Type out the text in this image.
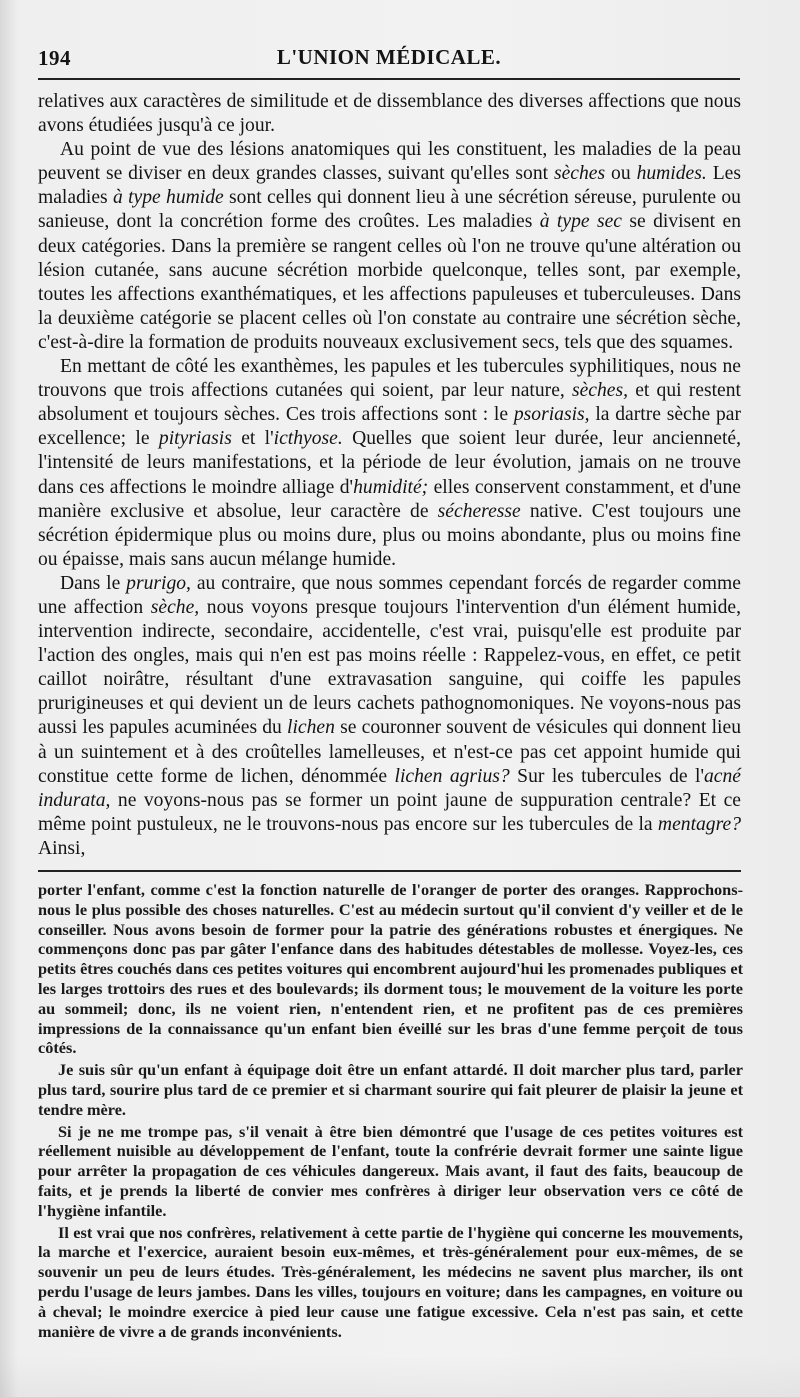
194	L'UNION MÉDICALE.

relatives aux caractères de similitude et de dissemblance des diverses affections que nous avons étudiées jusqu'à ce jour.

Au point de vue des lésions anatomiques qui les constituent, les maladies de la peau peuvent se diviser en deux grandes classes, suivant qu'elles sont sèches ou humides. Les maladies à type humide sont celles qui donnent lieu à une sécrétion séreuse, purulente ou sanieuse, dont la concrétion forme des croûtes. Les maladies à type sec se divisent en deux catégories. Dans la première se rangent celles où l'on ne trouve qu'une altération ou lésion cutanée, sans aucune sécrétion morbide quelconque, telles sont, par exemple, toutes les affections exanthématiques, et les affections papuleuses et tuberculeuses. Dans la deuxième catégorie se placent celles où l'on constate au contraire une sécrétion sèche, c'est-à-dire la formation de produits nouveaux exclusivement secs, tels que des squames.

En mettant de côté les exanthèmes, les papules et les tubercules syphilitiques, nous ne trouvons que trois affections cutanées qui soient, par leur nature, sèches, et qui restent absolument et toujours sèches. Ces trois affections sont : le psoriasis, la dartre sèche par excellence; le pityriasis et l'icthyose. Quelles que soient leur durée, leur ancienneté, l'intensité de leurs manifestations, et la période de leur évolution, jamais on ne trouve dans ces affections le moindre alliage d'humidité; elles conservent constamment, et d'une manière exclusive et absolue, leur caractère de sécheresse native. C'est toujours une sécrétion épidermique plus ou moins dure, plus ou moins abondante, plus ou moins fine ou épaisse, mais sans aucun mélange humide.

Dans le prurigo, au contraire, que nous sommes cependant forcés de regarder comme une affection sèche, nous voyons presque toujours l'intervention d'un élément humide, intervention indirecte, secondaire, accidentelle, c'est vrai, puisqu'elle est produite par l'action des ongles, mais qui n'en est pas moins réelle : Rappelez-vous, en effet, ce petit caillot noirâtre, résultant d'une extravasation sanguine, qui coiffe les papules prurigineuses et qui devient un de leurs cachets pathognomoniques. Ne voyons-nous pas aussi les papules acuminées du lichen se couronner souvent de vésicules qui donnent lieu à un suintement et à des croûtelles lamelleuses, et n'est-ce pas cet appoint humide qui constitue cette forme de lichen, dénommée lichen agrius? Sur les tubercules de l'acné indurata, ne voyons-nous pas se former un point jaune de suppuration centrale? Et ce même point pustuleux, ne le trouvons-nous pas encore sur les tubercules de la mentagre? Ainsi,

porter l'enfant, comme c'est la fonction naturelle de l'oranger de porter des oranges. Rapprochons-nous le plus possible des choses naturelles. C'est au médecin surtout qu'il convient d'y veiller et de le conseiller. Nous avons besoin de former pour la patrie des générations robustes et énergiques. Ne commençons donc pas par gâter l'enfance dans des habitudes détestables de mollesse. Voyez-les, ces petits êtres couchés dans ces petites voitures qui encombrent aujourd'hui les promenades publiques et les larges trottoirs des rues et des boulevards; ils dorment tous; le mouvement de la voiture les porte au sommeil; donc, ils ne voient rien, n'entendent rien, et ne profitent pas de ces premières impressions de la connaissance qu'un enfant bien éveillé sur les bras d'une femme perçoit de tous côtés.

Je suis sûr qu'un enfant à équipage doit être un enfant attardé. Il doit marcher plus tard, parler plus tard, sourire plus tard de ce premier et si charmant sourire qui fait pleurer de plaisir la jeune et tendre mère.

Si je ne me trompe pas, s'il venait à être bien démontré que l'usage de ces petites voitures est réellement nuisible au développement de l'enfant, toute la confrérie devrait former une sainte ligue pour arrêter la propagation de ces véhicules dangereux. Mais avant, il faut des faits, beaucoup de faits, et je prends la liberté de convier mes confrères à diriger leur observation vers ce côté de l'hygiène infantile.

Il est vrai que nos confrères, relativement à cette partie de l'hygiène qui concerne les mouvements, la marche et l'exercice, auraient besoin eux-mêmes, et très-généralement pour eux-mêmes, de se souvenir un peu de leurs études. Très-généralement, les médecins ne savent plus marcher, ils ont perdu l'usage de leurs jambes. Dans les villes, toujours en voiture; dans les campagnes, en voiture ou à cheval; le moindre exercice à pied leur cause une fatigue excessive. Cela n'est pas sain, et cette manière de vivre a de grands inconvénients.
